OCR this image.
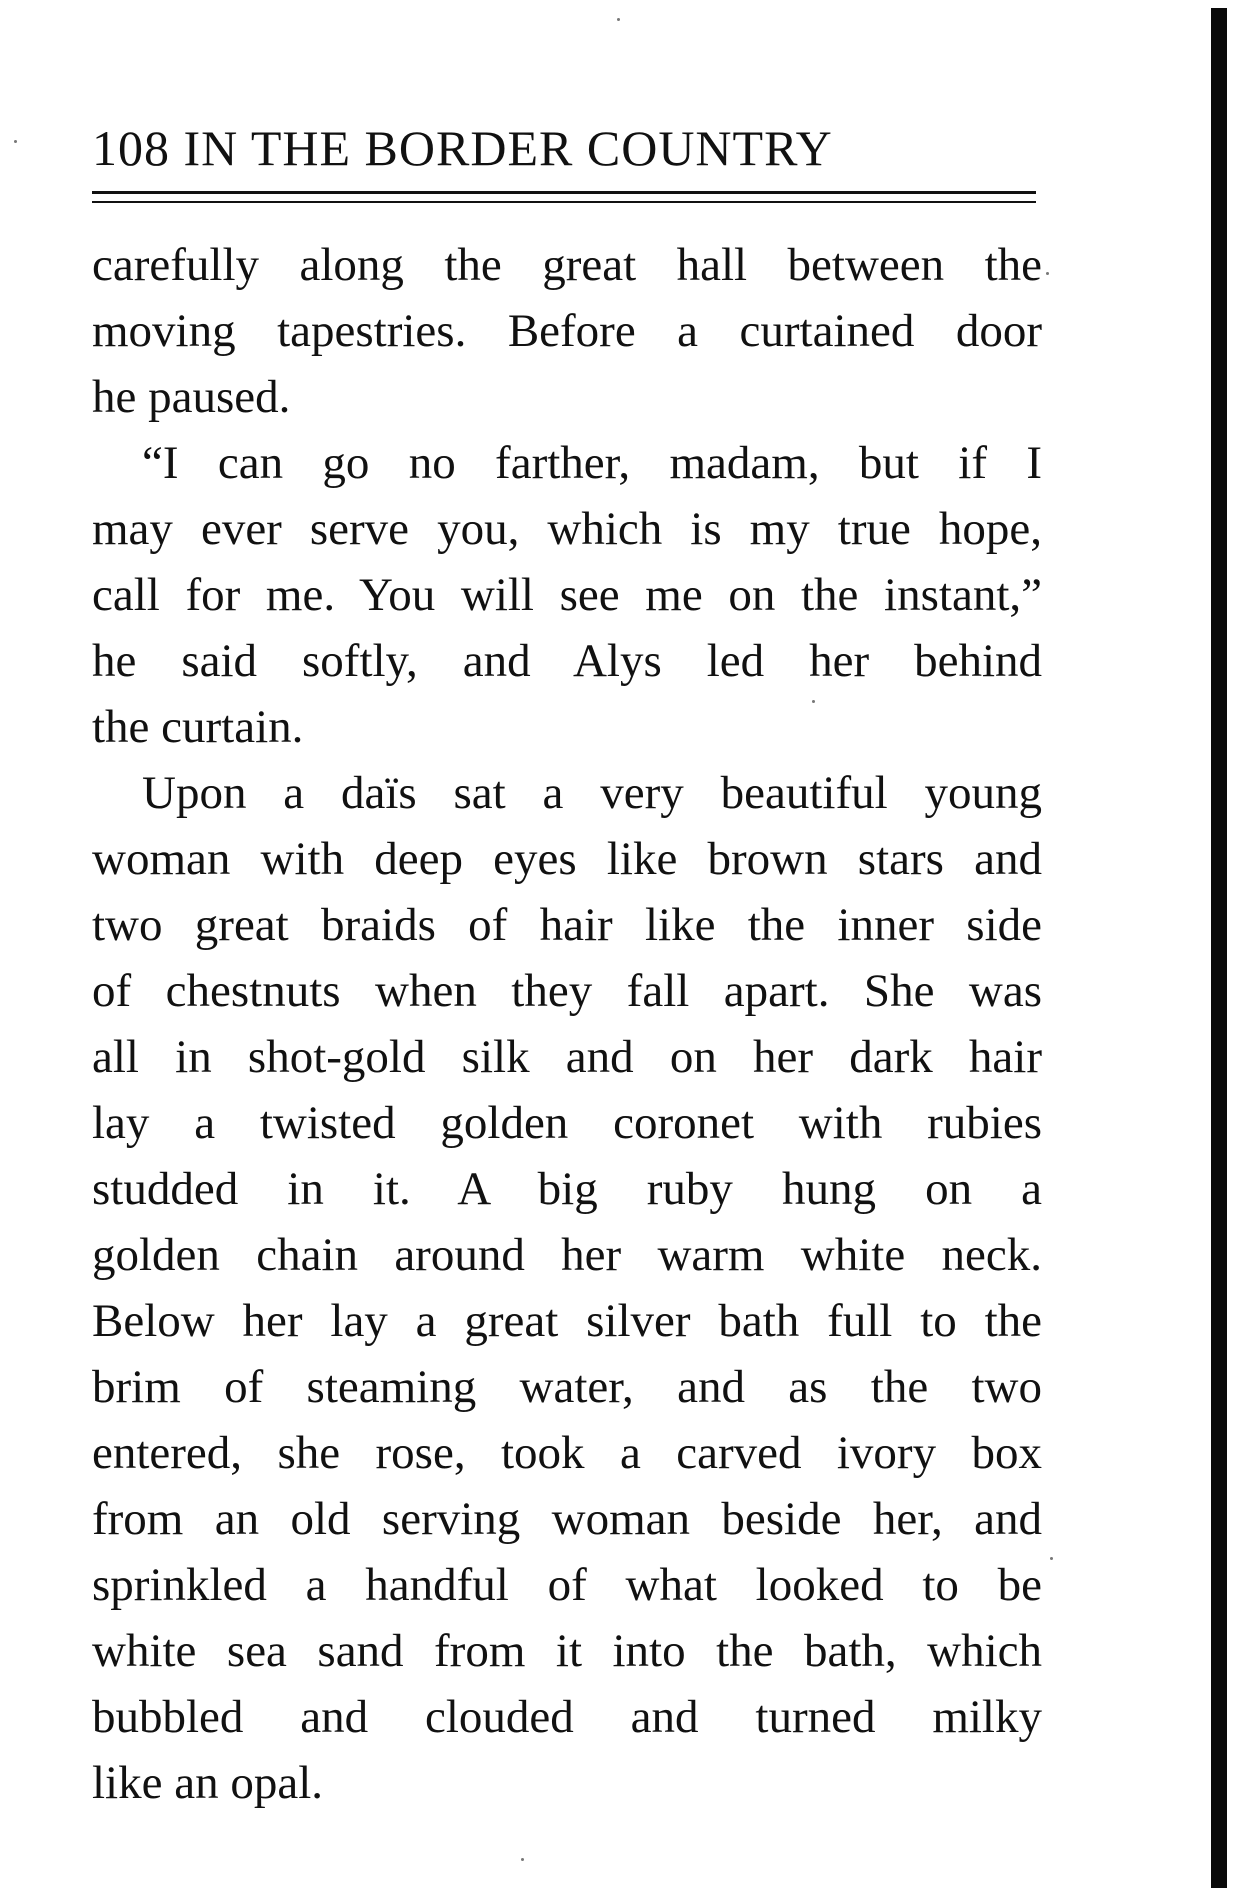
108 IN THE BORDER COUNTRY
carefully along the great hall between the
moving tapestries. Before a curtained door
he paused.
“I can go no farther, madam, but if I
may ever serve you, which is my true hope,
call for me. You will see me on the instant,”
he said softly, and Alys led her behind
the curtain.
Upon a daïs sat a very beautiful young
woman with deep eyes like brown stars and
two great braids of hair like the inner side
of chestnuts when they fall apart. She was
all in shot-gold silk and on her dark hair
lay a twisted golden coronet with rubies
studded in it. A big ruby hung on a
golden chain around her warm white neck.
Below her lay a great silver bath full to the
brim of steaming water, and as the two
entered, she rose, took a carved ivory box
from an old serving woman beside her, and
sprinkled a handful of what looked to be
white sea sand from it into the bath, which
bubbled and clouded and turned milky
like an opal.
